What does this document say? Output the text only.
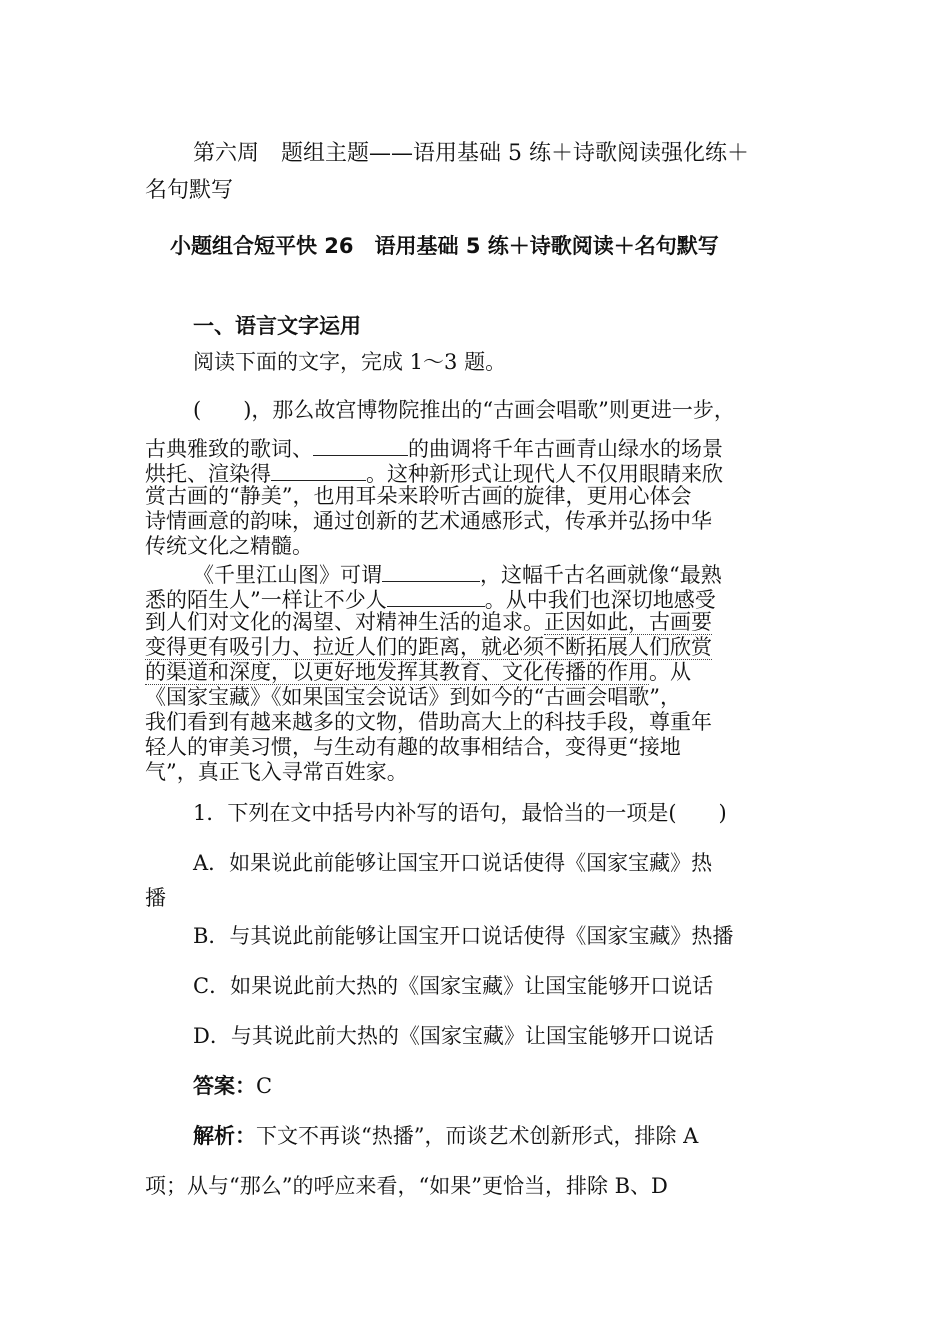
第六周　题组主题——语用基础 5 练＋诗歌阅读强化练＋
名句默写
小题组合短平快 26　语用基础 5 练＋诗歌阅读＋名句默写
一、语言文字运用
阅读下面的文字，完成 1～3 题。
(　　)，那么故宫博物院推出的“古画会唱歌”则更进一步，
古典雅致的歌词、	的曲调将千年古画青山绿水的场景
烘托、渲染得	。这种新形式让现代人不仅用眼睛来欣
赏古画的“静美”，也用耳朵来聆听古画的旋律，更用心体会
诗情画意的韵味，通过创新的艺术通感形式，传承并弘扬中华
传统文化之精髓。
《千里江山图》可谓	，这幅千古名画就像“最熟
悉的陌生人”一样让不少人	。从中我们也深切地感受
到人们对文化的渴望、对精神生活的追求。正因如此，古画要
变得更有吸引力、拉近人们的距离，就必须不断拓展人们欣赏
的渠道和深度，以更好地发挥其教育、文化传播的作用。从
《国家宝藏》《如果国宝会说话》到如今的“古画会唱歌”，
我们看到有越来越多的文物，借助高大上的科技手段，尊重年
轻人的审美习惯，与生动有趣的故事相结合，变得更“接地
气”，真正飞入寻常百姓家。
1．下列在文中括号内补写的语句，最恰当的一项是(　　)
A．如果说此前能够让国宝开口说话使得《国家宝藏》热
播
B．与其说此前能够让国宝开口说话使得《国家宝藏》热播
C．如果说此前大热的《国家宝藏》让国宝能够开口说话
D．与其说此前大热的《国家宝藏》让国宝能够开口说话
答案：C
解析：下文不再谈“热播”，而谈艺术创新形式，排除 A
项；从与“那么”的呼应来看，“如果”更恰当，排除 B、D
